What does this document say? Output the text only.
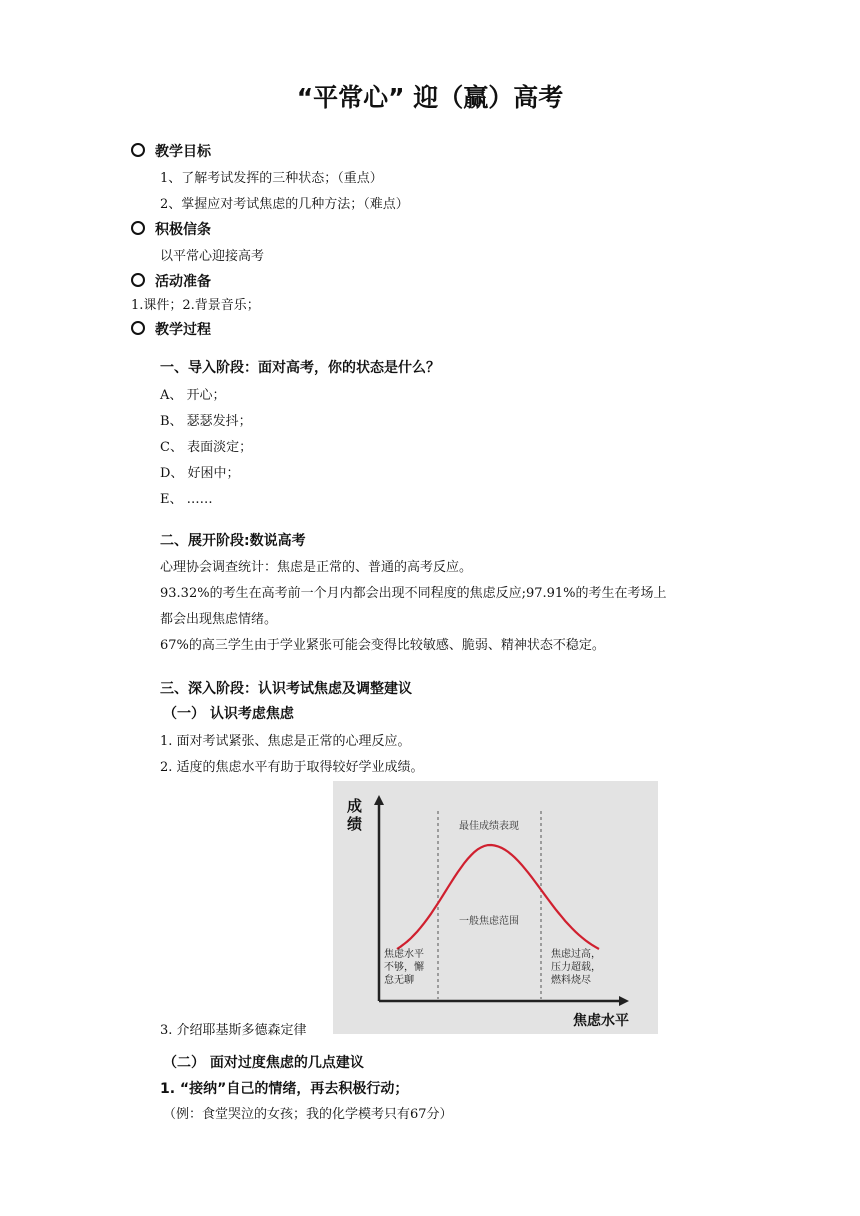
“平常心” 迎（赢）高考
教学目标
1、了解考试发挥的三种状态；（重点）
2、掌握应对考试焦虑的几种方法；（难点）
积极信条
以平常心迎接高考
活动准备
1.课件；2.背景音乐；
教学过程
一、导入阶段：面对高考，你的状态是什么？
A、 开心；
B、 瑟瑟发抖；
C、 表面淡定；
D、 好困中；
E、 ……
二、展开阶段:数说高考
心理协会调查统计：焦虑是正常的、普通的高考反应。
93.32%的考生在高考前一个月内都会出现不同程度的焦虑反应;97.91%的考生在考场上
都会出现焦虑情绪。
67%的高三学生由于学业紧张可能会变得比较敏感、脆弱、精神状态不稳定。
三、深入阶段：认识考试焦虑及调整建议
（一） 认识考虑焦虑
1. 面对考试紧张、焦虑是正常的心理反应。
2. 适度的焦虑水平有助于取得较好学业成绩。
成绩
焦虑水平
最佳成绩表现
一般焦虑范围
焦虑水平不够，懈怠无聊
焦虑过高，压力超载，燃料烧尽
3. 介绍耶基斯多德森定律
（二） 面对过度焦虑的几点建议
1. “接纳”自己的情绪，再去积极行动；
（例：食堂哭泣的女孩；我的化学模考只有67分）
